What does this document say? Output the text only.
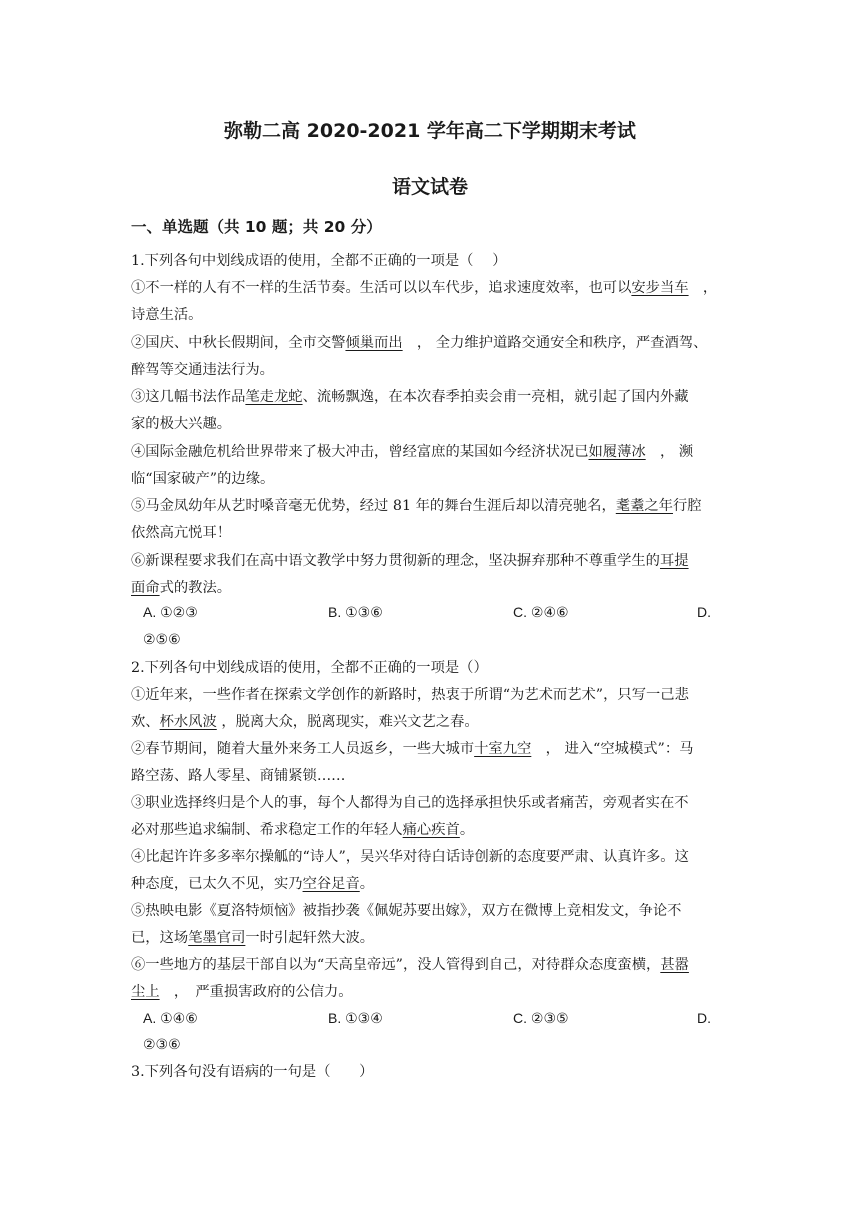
弥勒二高 2020-2021 学年高二下学期期末考试
语文试卷
一、单选题（共 10 题；共 20 分）
1.下列各句中划线成语的使用，全都不正确的一项是（　 ）
①不一样的人有不一样的生活节奏。生活可以以车代步，追求速度效率，也可以安步当车　，
诗意生活。
②国庆、中秋长假期间，全市交警倾巢而出　， 全力维护道路交通安全和秩序，严查酒驾、
醉驾等交通违法行为。
③这几幅书法作品笔走龙蛇、流畅飘逸，在本次春季拍卖会甫一亮相，就引起了国内外藏
家的极大兴趣。
④国际金融危机给世界带来了极大冲击，曾经富庶的某国如今经济状况已如履薄冰　， 濒
临“国家破产”的边缘。
⑤马金凤幼年从艺时嗓音毫无优势，经过 81 年的舞台生涯后却以清亮驰名，耄耋之年行腔
依然高亢悦耳！
⑥新课程要求我们在高中语文教学中努力贯彻新的理念，坚决摒弃那种不尊重学生的耳提
面命式的教法。
A. ①②③	B. ①③⑥	C. ②④⑥	D.
②⑤⑥
2.下列各句中划线成语的使用，全都不正确的一项是（）
①近年来，一些作者在探索文学创作的新路时，热衷于所谓“为艺术而艺术”，只写一己悲
欢、杯水风波 ，脱离大众，脱离现实，难兴文艺之春。
②春节期间，随着大量外来务工人员返乡，一些大城市十室九空　， 进入“空城模式”：马
路空荡、路人零星、商铺紧锁……
③职业选择终归是个人的事，每个人都得为自己的选择承担快乐或者痛苦，旁观者实在不
必对那些追求编制、希求稳定工作的年轻人痛心疾首。
④比起许许多多率尔操觚的“诗人”，吴兴华对待白话诗创新的态度要严肃、认真许多。这
种态度，已太久不见，实乃空谷足音。
⑤热映电影《夏洛特烦恼》被指抄袭《佩妮苏要出嫁》，双方在微博上竞相发文，争论不
已，这场笔墨官司一时引起轩然大波。
⑥一些地方的基层干部自以为“天高皇帝远”，没人管得到自己，对待群众态度蛮横，甚嚣
尘上　，　严重损害政府的公信力。
A. ①④⑥	B. ①③④	C. ②③⑤	D.
②③⑥
3.下列各句没有语病的一句是（　　）
